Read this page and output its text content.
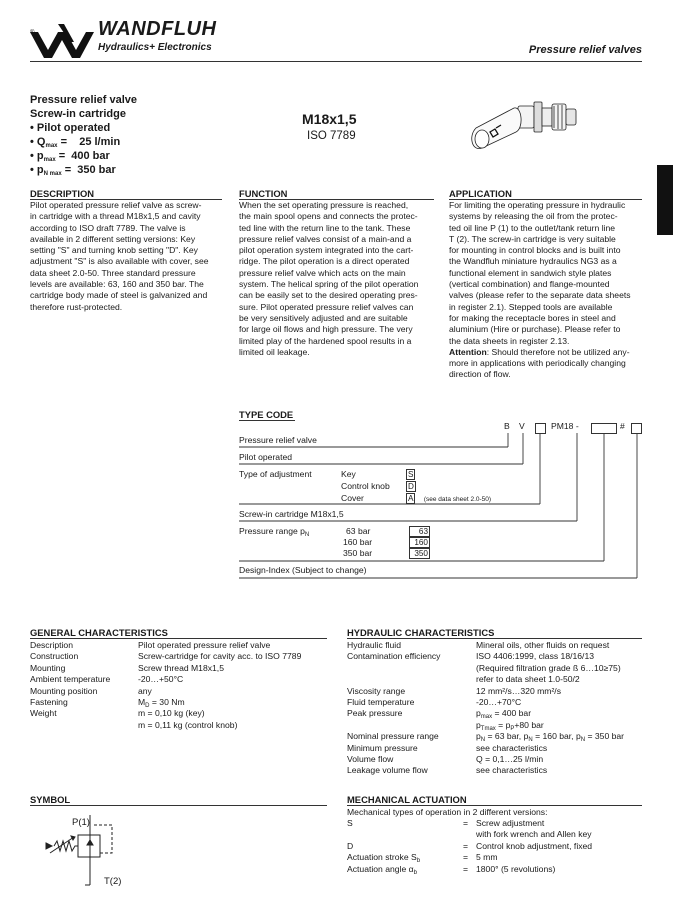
®	WANDFLUH
Hydraulics+ Electronics	Pressure relief valves
Pressure relief valve
Screw-in cartridge
• Pilot operated
• $Q_{max}$ =    25 l/min
• $p_{max} = 400$ bar
• $p_{N max} = 350$ bar
M18x1,5
ISO 7789
DESCRIPTION
Pilot operated pressure relief valve as screw-
in cartridge with a thread M18x1,5 and cavity
according to ISO draft 7789. The valve is
available in 2 different setting versions: Key
setting "S" and turning knob setting "D". Key
adjustment "S" is also available with cover, see
data sheet 2.0-50. Three standard pressure
levels are available: 63, 160 and 350 bar. The
cartridge body made of steel is galvanized and
therefore rust-protected.
FUNCTION
When the set operating pressure is reached,
the main spool opens and connects the protec-
ted line with the return line to the tank. These
pressure relief valves consist of a main-and a
pilot operation system integrated into the cart-
ridge. The pilot operation is a direct operated
pressure relief valve which acts on the main
system. The helical spring of the pilot operation
can be easily set to the desired operating pres-
sure. Pilot operated pressure relief valves can
be very sensitively adjusted and are suitable
for large oil flows and high pressure. The very
limited play of the hardened spool results in a
limited oil leakage.
APPLICATION
For limiting the operating pressure in hydraulic
systems by releasing the oil from the protec-
ted oil line P (1) to the outlet/tank return line
T (2). The screw-in cartridge is very suitable
for mounting in control blocks and is built into
the Wandfluh miniature hydraulics NG3 as a
functional element in sandwich style plates
(vertical combination) and flange-mounted
valves (please refer to the separate data sheets
in register 2.1). Stepped tools are available
for making the receptacle bores in steel and
aluminium (Hire or purchase). Please refer to
the data sheets in register 2.13.
Attention: Should therefore not be utilized any-
more in applications with periodically changing
direction of flow.
TYPE CODE
B V	PM18 -	#
Pressure relief valve
Pilot operated
Type of adjustment	Key	S
Control knob D
Cover	A (see data sheet 2.0-50)
Screw-in cartridge M18x1,5
Pressure range $p_N$	63 bar	63
160 bar	160
350 bar	350
Design-Index (Subject to change)
GENERAL CHARACTERISTICS
Description	Pilot operated pressure relief valve
Construction	Screw-cartridge for cavity acc. to ISO 7789
Mounting	Screw thread M18x1,5
Ambient temperature	-20…+50°C
Mounting position	any
Fastening	$M_D = 30$ Nm
Weight	m = 0,10 kg (key)
m = 0,11 kg (control knob)
HYDRAULIC CHARACTERISTICS
Hydraulic fluid	Mineral oils, other fluids on request
Contamination efficiency	ISO 4406:1999, class 18/16/13
(Required filtration grade ß 6…10≥75)
refer to data sheet 1.0-50/2
Viscosity range	12 mm²/s…320 mm²/s
Fluid temperature	-20…+70°C
Peak pressure	$p_{max} = 400$ bar
$p_{Tmax} = p_P+80$ bar
Nominal pressure range	$p_N = 63$ bar, $p_N = 160$ bar, $p_N = 350$ bar
Minimum pressure	see characteristics
Volume flow	Q = 0,1…25 l/min
Leakage volume flow	see characteristics
SYMBOL
P(1)
T(2)
MECHANICAL ACTUATION
Mechanical types of operation in 2 different versions:
S	= Screw adjustment
with fork wrench and Allen key
D	= Control knob adjustment, fixed
Actuation stroke $S_b$	= 5 mm
Actuation angle $\alpha_b$	= 1800° (5 revolutions)
